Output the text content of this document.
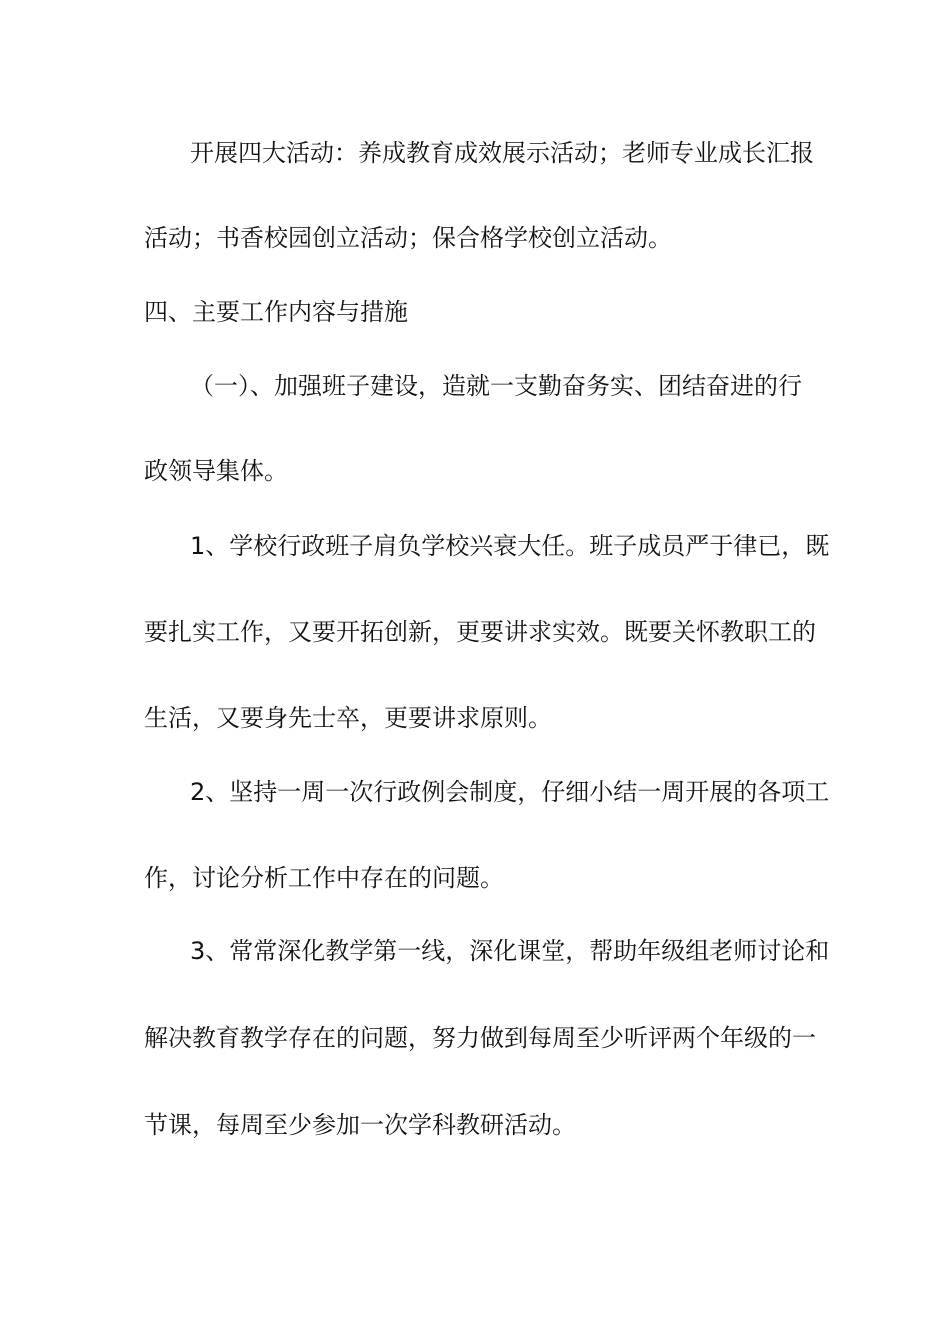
开展四大活动：养成教育成效展示活动；老师专业成长汇报
活动；书香校园创立活动；保合格学校创立活动。
四、主要工作内容与措施
（一）、加强班子建设，造就一支勤奋务实、团结奋进的行
政领导集体。
1、学校行政班子肩负学校兴衰大任。班子成员严于律已，既
要扎实工作，又要开拓创新，更要讲求实效。既要关怀教职工的
生活，又要身先士卒，更要讲求原则。
2、坚持一周一次行政例会制度，仔细小结一周开展的各项工
作，讨论分析工作中存在的问题。
3、常常深化教学第一线，深化课堂，帮助年级组老师讨论和
解决教育教学存在的问题，努力做到每周至少听评两个年级的一
节课，每周至少参加一次学科教研活动。
